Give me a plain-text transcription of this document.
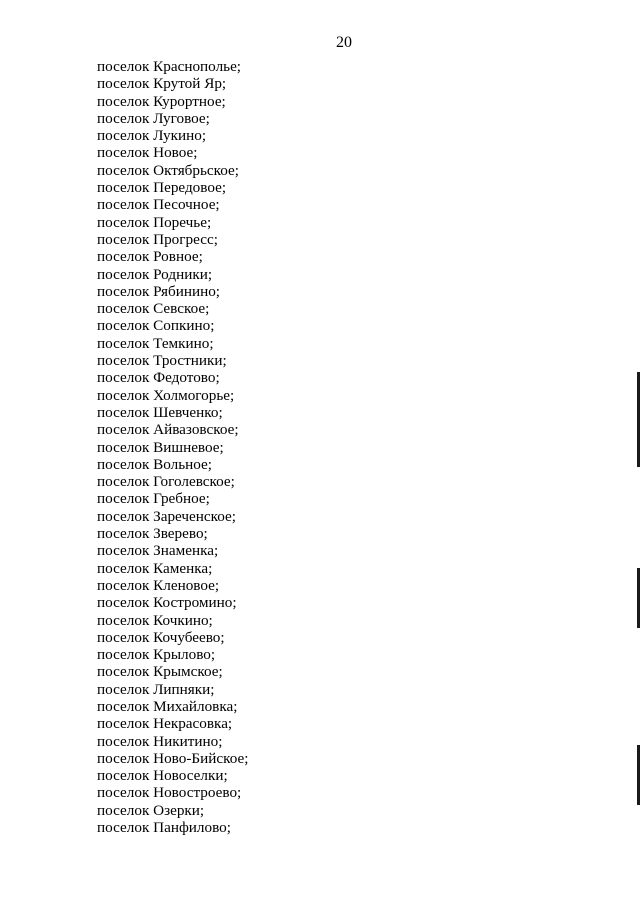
20
поселок Краснополье;
поселок Крутой Яр;
поселок Курортное;
поселок Луговое;
поселок Лукино;
поселок Новое;
поселок Октябрьское;
поселок Передовое;
поселок Песочное;
поселок Поречье;
поселок Прогресс;
поселок Ровное;
поселок Родники;
поселок Рябинино;
поселок Севское;
поселок Сопкино;
поселок Темкино;
поселок Тростники;
поселок Федотово;
поселок Холмогорье;
поселок Шевченко;
поселок Айвазовское;
поселок Вишневое;
поселок Вольное;
поселок Гоголевское;
поселок Гребное;
поселок Зареченское;
поселок Зверево;
поселок Знаменка;
поселок Каменка;
поселок Кленовое;
поселок Костромино;
поселок Кочкино;
поселок Кочубеево;
поселок Крылово;
поселок Крымское;
поселок Липняки;
поселок Михайловка;
поселок Некрасовка;
поселок Никитино;
поселок Ново-Бийское;
поселок Новоселки;
поселок Новостроево;
поселок Озерки;
поселок Панфилово;
